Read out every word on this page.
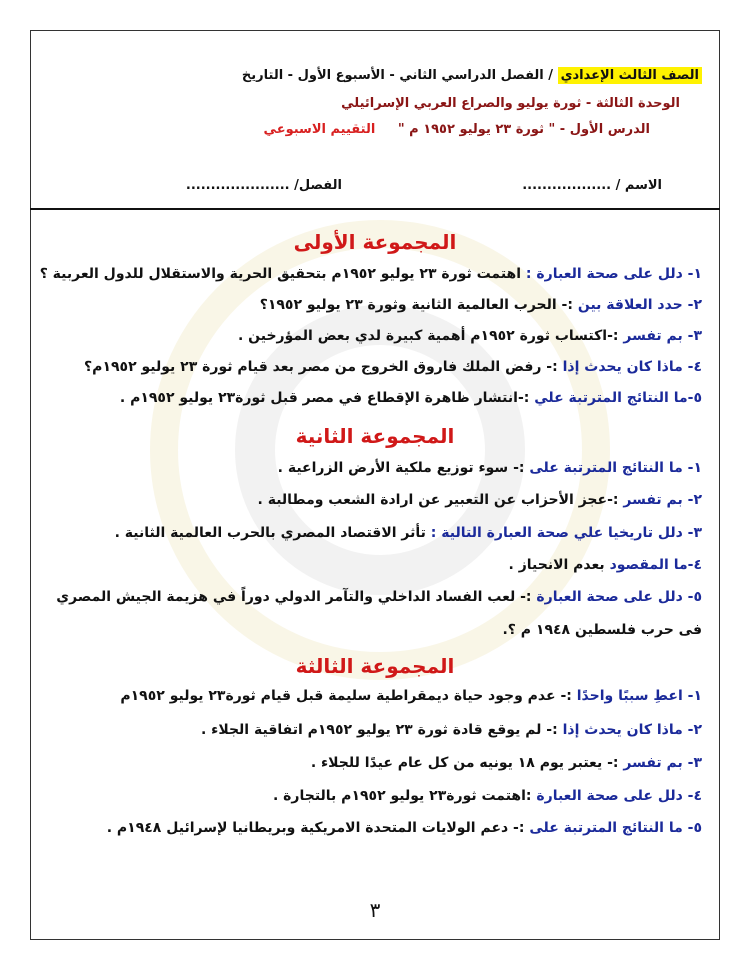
الصف الثالث الإعدادي / الفصل الدراسي الثاني - الأسبوع الأول - التاريخ
الوحدة الثالثة - ثورة يوليو والصراع العربي الإسرائيلي
الدرس الأول - " ثورة ٢٣ يوليو ١٩٥٢ م " التقييم الاسبوعي
الاسم / ..................
الفصل/ .....................
المجموعة الأولى
١- دلل على صحة العبارة : اهتمت ثورة ٢٣ يوليو ١٩٥٢م بتحقيق الحرية والاستقلال للدول العربية ؟
٢- حدد العلاقة بين :- الحرب العالمية الثانية وثورة ٢٣ يوليو ١٩٥٢؟
٣- بم تفسر :-اكتساب ثورة ١٩٥٢م أهمية كبيرة لدي بعض المؤرخين .
٤- ماذا كان يحدث إذا :- رفض الملك فاروق الخروج من مصر بعد قيام ثورة ٢٣ يوليو ١٩٥٢م؟
٥-ما النتائج المترتبة علي :-انتشار ظاهرة الإقطاع في مصر قبل ثورة٢٣ يوليو ١٩٥٢م .
المجموعة الثانية
١- ما النتائج المترتبة على :- سوء توزيع ملكية الأرض الزراعية .
٢- بم تفسر :-عجز الأحزاب عن التعبير عن ارادة الشعب ومطالبة .
٣- دلل تاريخيا علي صحة العبارة التالية : تأثر الاقتصاد المصري بالحرب العالمية الثانية .
٤-ما المقصود بعدم الانحياز .
٥- دلل على صحة العبارة :- لعب الفساد الداخلي والتآمر الدولي دوراً في هزيمة الجيش المصري فى حرب فلسطين ١٩٤٨ م ؟.
المجموعة الثالثة
١- اعطِ سببًا واحدًا :- عدم وجود حياة ديمقراطية سليمة قبل قيام ثورة٢٣ يوليو ١٩٥٢م
٢- ماذا كان يحدث إذا :- لم يوقع قادة ثورة ٢٣ يوليو ١٩٥٢م اتفاقية الجلاء .
٣- بم تفسر :- يعتبر يوم ١٨ يونيه من كل عام عيدًا للجلاء .
٤- دلل على صحة العبارة :اهتمت ثورة٢٣ يوليو ١٩٥٢م بالتجارة .
٥- ما النتائج المترتبة على :- دعم الولايات المتحدة الامريكية وبريطانيا لإسرائيل ١٩٤٨م .
٣
